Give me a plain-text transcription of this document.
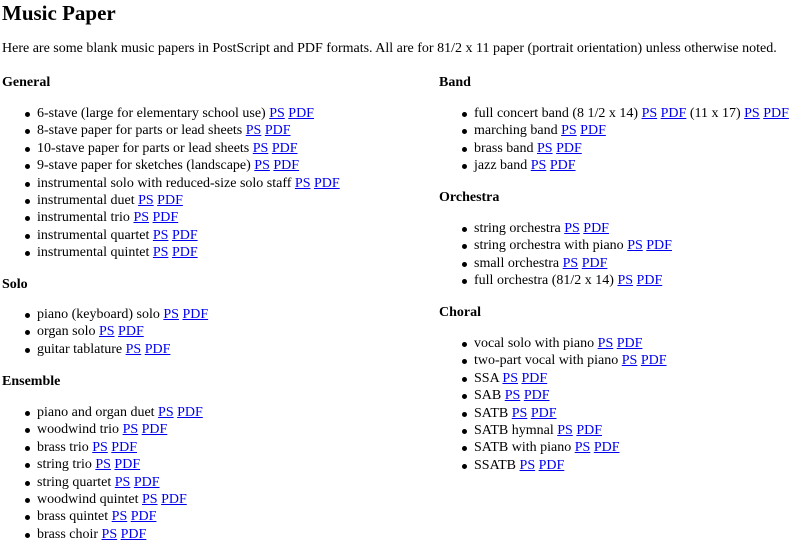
Music Paper

Here are some blank music papers in PostScript and PDF formats. All are for 81/2 x 11 paper (portrait orientation) unless otherwise noted.

General
6-stave (large for elementary school use) PS PDF
8-stave paper for parts or lead sheets PS PDF
10-stave paper for parts or lead sheets PS PDF
9-stave paper for sketches (landscape) PS PDF
instrumental solo with reduced-size solo staff PS PDF
instrumental duet PS PDF
instrumental trio PS PDF
instrumental quartet PS PDF
instrumental quintet PS PDF
Solo
piano (keyboard) solo PS PDF
organ solo PS PDF
guitar tablature PS PDF
Ensemble
piano and organ duet PS PDF
woodwind trio PS PDF
brass trio PS PDF
string trio PS PDF
string quartet PS PDF
woodwind quintet PS PDF
brass quintet PS PDF
brass choir PS PDF
Band
full concert band (8 1/2 x 14) PS PDF (11 x 17) PS PDF
marching band PS PDF
brass band PS PDF
jazz band PS PDF
Orchestra
string orchestra PS PDF
string orchestra with piano PS PDF
small orchestra PS PDF
full orchestra (81/2 x 14) PS PDF
Choral
vocal solo with piano PS PDF
two-part vocal with piano PS PDF
SSA PS PDF
SAB PS PDF
SATB PS PDF
SATB hymnal PS PDF
SATB with piano PS PDF
SSATB PS PDF
